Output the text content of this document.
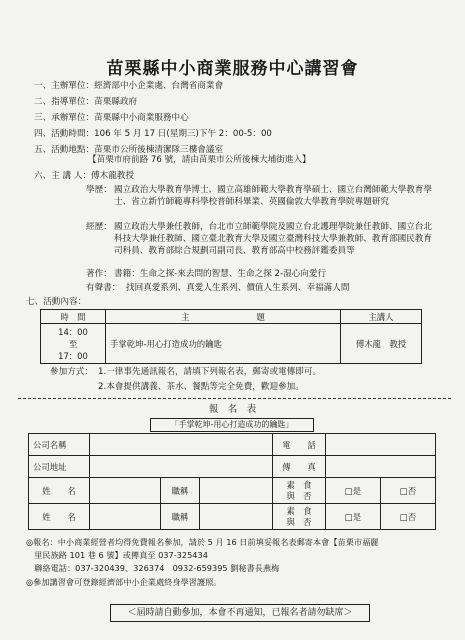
苗栗縣中小商業服務中心講習會
一、主辦單位：經濟部中小企業處、台灣省商業會
二、指導單位：苗栗縣政府
三、承辦單位：苗栗縣中小商業服務中心
四、活動時間：106 年 5 月 17 日(星期三)下午 2：00-5：00
五、活動地點：苗栗市公所後棟清潔隊三樓會議室
【苗栗市府前路 76 號，請由苗栗市公所後棟大埔街進入】
六、主 講 人：傅木龍教授
學歷： 國立政治大學教育學博士、國立高雄師範大學教育學碩士、國立台灣師範大學教育學士、省立新竹師範專科學校普師科畢業、英國倫敦大學教育學院專題研究
經歷： 國立政治大學兼任教師，台北市立師範學院及國立台北護理學院兼任教師、國立台北科技大學兼任教師、國立臺北教育大學及國立臺灣科技大學兼教師、教育部國民教育司科員、教育部綜合規劃司副司長、教育部高中校務評鑑委員等
著作： 書籍：生命之探-來去問的智慧、生命之探 2-湿心向愛行
有聲書： 找回真愛系列、真愛人生系列、價值人生系列、幸福滿人間
七、活動內容：
時　間	主　　　　　　　　題	主講人

14：00
至
17：00	手掌乾坤-用心打造成功的鑰匙	傅木龍　教授
參加方式： 1.一律事先通訊報名，請填下列報名表，郵寄或電傳即可。
2.本會提供講義、茶水、餐點等完全免費，歡迎參加。
報　名　表
「手掌乾坤-用心打造成功的鑰匙」
公司名稱				電　　話		
公司地址				傳　　真		
姓　　名		職稱		素　食
與　否	□是	□否
姓　　名		職稱		素　食
與　否	□是	□否
◎報名：中小商業經營者均得免費報名參加，請於 5 月 16 日前填妥報名表郵寄本會【苗栗市福麗
　里民族路 101 巷 6 號】或傳真至 037-325434
　聯絡電話：037-320439、326374　0932-659395 劉秘書長燕梅
◎參加講習會可登錄經濟部中小企業處終身學習護照。
＜屆時請自動參加，本會不再通知，已報名者請勿缺席＞
